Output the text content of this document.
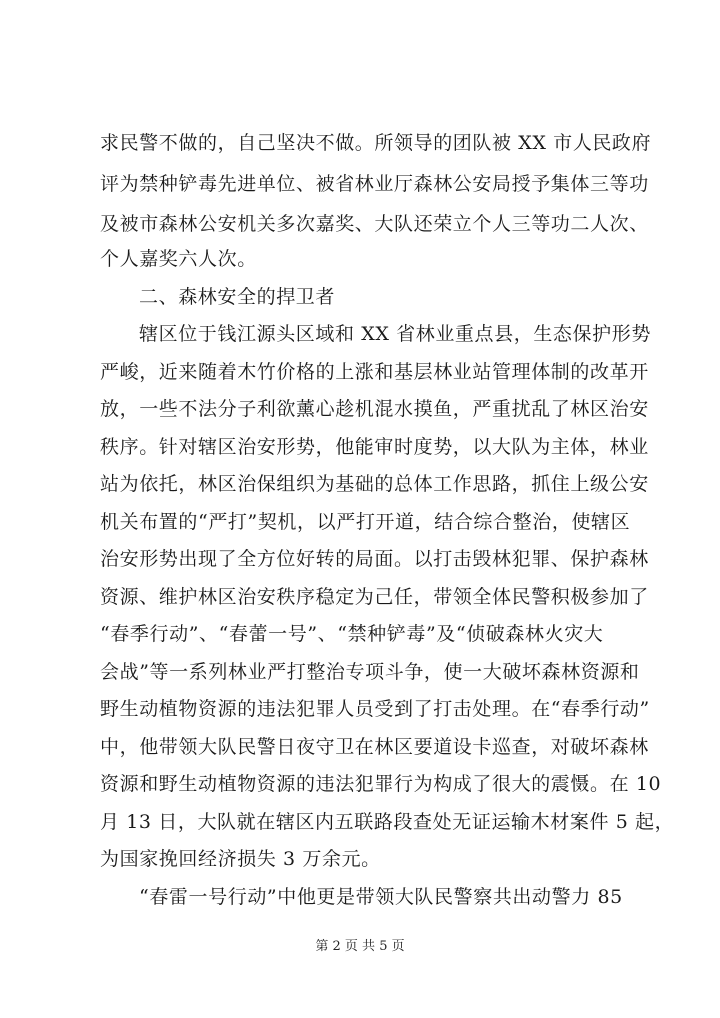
求民警不做的，自己坚决不做。所领导的团队被 XX 市人民政府
评为禁种铲毒先进单位、被省林业厅森林公安局授予集体三等功
及被市森林公安机关多次嘉奖、大队还荣立个人三等功二人次、
个人嘉奖六人次。
二、森林安全的捍卫者
辖区位于钱江源头区域和 XX 省林业重点县，生态保护形势
严峻，近来随着木竹价格的上涨和基层林业站管理体制的改革开
放，一些不法分子利欲薰心趁机混水摸鱼，严重扰乱了林区治安
秩序。针对辖区治安形势，他能审时度势，以大队为主体，林业
站为依托，林区治保组织为基础的总体工作思路，抓住上级公安
机关布置的“严打”契机，以严打开道，结合综合整治，使辖区
治安形势出现了全方位好转的局面。以打击毁林犯罪、保护森林
资源、维护林区治安秩序稳定为己任，带领全体民警积极参加了
“春季行动”、“春蕾一号”、“禁种铲毒”及“侦破森林火灾大
会战”等一系列林业严打整治专项斗争，使一大破坏森林资源和
野生动植物资源的违法犯罪人员受到了打击处理。在“春季行动”
中，他带领大队民警日夜守卫在林区要道设卡巡查，对破坏森林
资源和野生动植物资源的违法犯罪行为构成了很大的震慑。在 10
月 13 日，大队就在辖区内五联路段查处无证运输木材案件 5 起，
为国家挽回经济损失 3 万余元。
“春雷一号行动”中他更是带领大队民警察共出动警力 85
第 2 页 共 5 页
